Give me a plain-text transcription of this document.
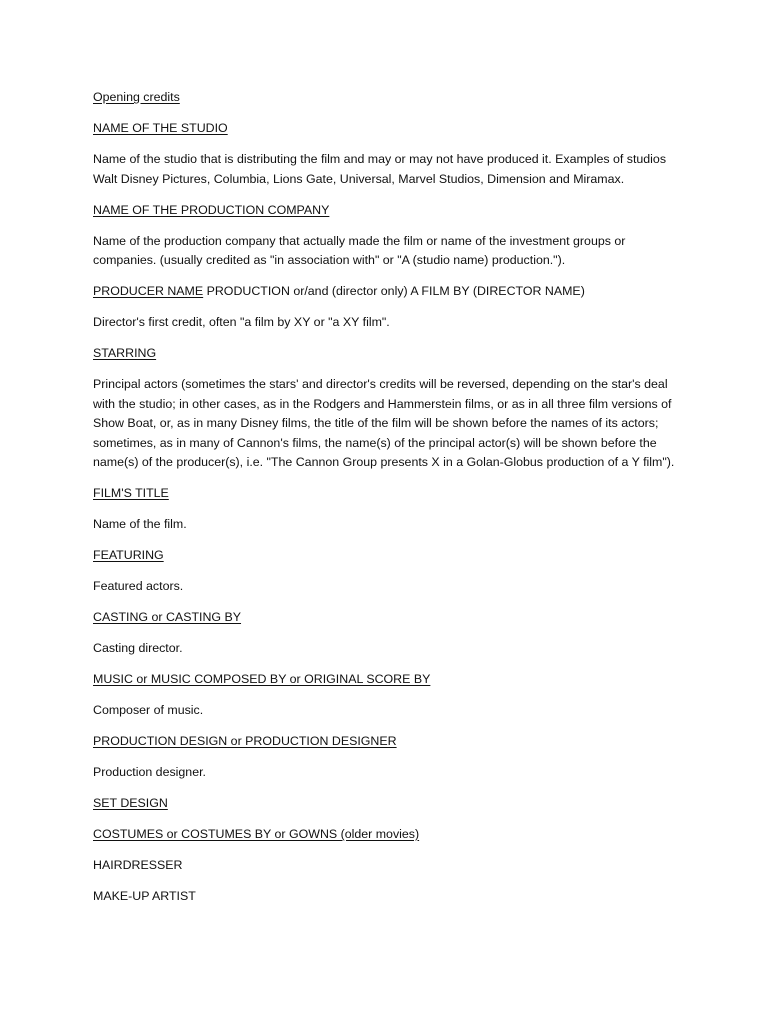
Opening credits

NAME OF THE STUDIO

Name of the studio that is distributing the film and may or may not have produced it. Examples of studios Walt Disney Pictures, Columbia, Lions Gate, Universal, Marvel Studios, Dimension and Miramax.

NAME OF THE PRODUCTION COMPANY

Name of the production company that actually made the film or name of the investment groups or companies. (usually credited as "in association with" or "A (studio name) production.").

PRODUCER NAME PRODUCTION or/and (director only) A FILM BY (DIRECTOR NAME)

Director's first credit, often "a film by XY or "a XY film".

STARRING

Principal actors (sometimes the stars' and director's credits will be reversed, depending on the star's deal with the studio; in other cases, as in the Rodgers and Hammerstein films, or as in all three film versions of Show Boat, or, as in many Disney films, the title of the film will be shown before the names of its actors; sometimes, as in many of Cannon's films, the name(s) of the principal actor(s) will be shown before the name(s) of the producer(s), i.e. "The Cannon Group presents X in a Golan-Globus production of a Y film").

FILM'S TITLE

Name of the film.

FEATURING

Featured actors.

CASTING or CASTING BY

Casting director.

MUSIC or MUSIC COMPOSED BY or ORIGINAL SCORE BY

Composer of music.

PRODUCTION DESIGN or PRODUCTION DESIGNER

Production designer.

SET DESIGN

COSTUMES or COSTUMES BY or GOWNS (older movies)

HAIRDRESSER

MAKE-UP ARTIST
